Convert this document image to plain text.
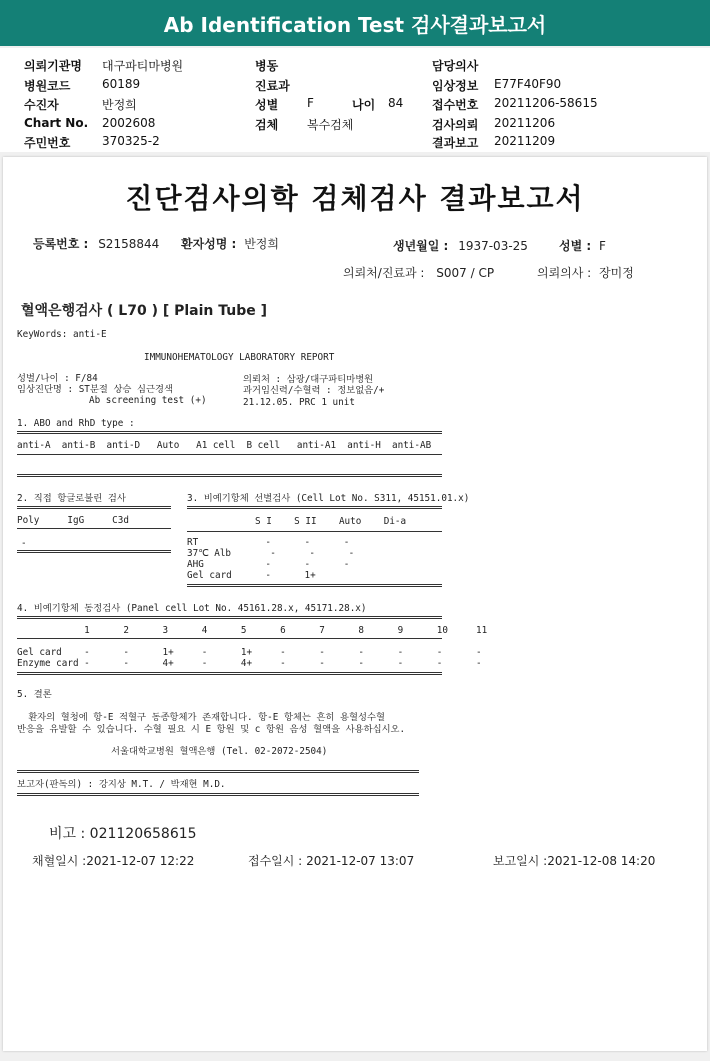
Ab Identification Test 검사결과보고서
의뢰기관명 대구파티마병원
병원코드	60189
수진자	반정희
Chart No. 2002608
주민번호	370325-2
병동
진료과
성별 F	나이 84
검체 복수검체
담당의사
임상정보 E77F40F90
접수번호 20211206-58615
검사의뢰 20211206
결과보고 20211209
진단검사의학 검체검사 결과보고서
등록번호 : S2158844 환자성명 : 반정희	생년월일 : 1937-03-25	성별 : F
의뢰처/진료과 : S007 / CP	의뢰의사 : 장미정
혈액은행검사 ( L70 ) [ Plain Tube ]
KeyWords: anti-E
IMMUNOHEMATOLOGY LABORATORY REPORT
성별/나이 : F/84
임상진단명 : ST분절 상승 심근경색
Ab screening test (+)
의뢰처 : 삼광/대구파티마병원
과거임신력/수혈력 : 정보없음/+
21.12.05. PRC 1 unit
1. ABO and RhD type :
anti-A  anti-B  anti-D   Auto   A1 cell  B cell   anti-A1  anti-H  anti-AB
2. 직접 항글로불린 검사
Poly     IgG     C3d
-
3. 비예기항체 선별검사 (Cell Lot No. S311, 45151.01.x)
S I    S II    Auto    Di-a
RT            -      -      -
37℃ Alb       -      -      -
AHG           -      -      -
Gel card      -      1+
4. 비예기항체 동정검사 (Panel cell Lot No. 45161.28.x, 45171.28.x)
1      2      3      4      5      6      7      8      9      10     11
Gel card    -      -      1+     -      1+     -      -      -      -      -      -
Enzyme card -      -      4+     -      4+     -      -      -      -      -      -
5. 결론
환자의 혈청에 항-E 적혈구 동종항체가 존재합니다. 항-E 항체는 흔히 용혈성수혈
반응을 유발할 수 있습니다. 수혈 필요 시 E 항원 및 c 항원 음성 혈액을 사용하십시오.
서울대학교병원 혈액은행 (Tel. 02-2072-2504)
보고자(판독의) : 강지상 M.T. / 박재현 M.D.
비고 : 021120658615
채혈일시 :2021-12-07 12:22	접수일시 : 2021-12-07 13:07	보고일시 :2021-12-08 14:20
